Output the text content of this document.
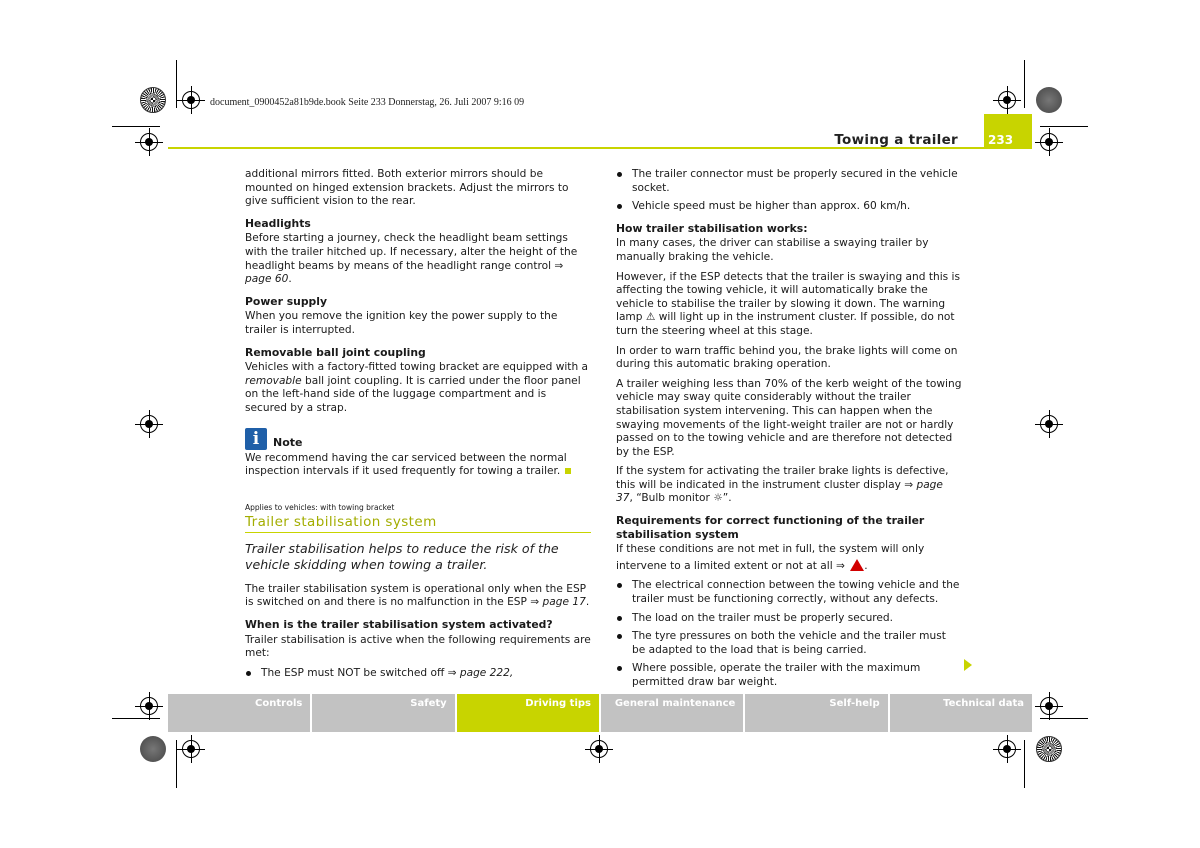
document_0900452a81b9de.book Seite 233 Donnerstag, 26. Juli 2007 9:16 09
Towing a trailer	233

additional mirrors fitted. Both exterior mirrors should be mounted on hinged extension brackets. Adjust the mirrors to give sufficient vision to the rear.

Headlights

Before starting a journey, check the headlight beam settings with the trailer hitched up. If necessary, alter the height of the headlight beams by means of the headlight range control ⇒ page 60.

Power supply

When you remove the ignition key the power supply to the trailer is interrupted.

Removable ball joint coupling

Vehicles with a factory-fitted towing bracket are equipped with a removable ball joint coupling. It is carried under the floor panel on the left-hand side of the luggage compartment and is secured by a strap.

i	Note

We recommend having the car serviced between the normal inspection intervals if it used frequently for towing a trailer.

Applies to vehicles: with towing bracket
Trailer stabilisation system
Trailer stabilisation helps to reduce the risk of the vehicle skidding when towing a trailer.

The trailer stabilisation system is operational only when the ESP is switched on and there is no malfunction in the ESP ⇒ page 17.

When is the trailer stabilisation system activated?

Trailer stabilisation is active when the following requirements are met:

The ESP must NOT be switched off ⇒ page 222,
The trailer connector must be properly secured in the vehicle socket.
Vehicle speed must be higher than approx. 60 km/h.
How trailer stabilisation works:

In many cases, the driver can stabilise a swaying trailer by manually braking the vehicle.

However, if the ESP detects that the trailer is swaying and this is affecting the towing vehicle, it will automatically brake the vehicle to stabilise the trailer by slowing it down. The warning lamp ⚠ will light up in the instrument cluster. If possible, do not turn the steering wheel at this stage.

In order to warn traffic behind you, the brake lights will come on during this automatic braking operation.

A trailer weighing less than 70% of the kerb weight of the towing vehicle may sway quite considerably without the trailer stabilisation system intervening. This can happen when the swaying movements of the light-weight trailer are not or hardly passed on to the towing vehicle and are therefore not detected by the ESP.

If the system for activating the trailer brake lights is defective, this will be indicated in the instrument cluster display ⇒ page 37, “Bulb monitor ☼”.

Requirements for correct functioning of the trailer stabilisation system

If these conditions are not met in full, the system will only intervene to a limited extent or not at all ⇒ .

The electrical connection between the towing vehicle and the trailer must be functioning correctly, without any defects.
The load on the trailer must be properly secured.
The tyre pressures on both the vehicle and the trailer must be adapted to the load that is being carried.
Where possible, operate the trailer with the maximum permitted draw bar weight.
Controls	Safety	Driving tips	General maintenance	Self-help	Technical data
